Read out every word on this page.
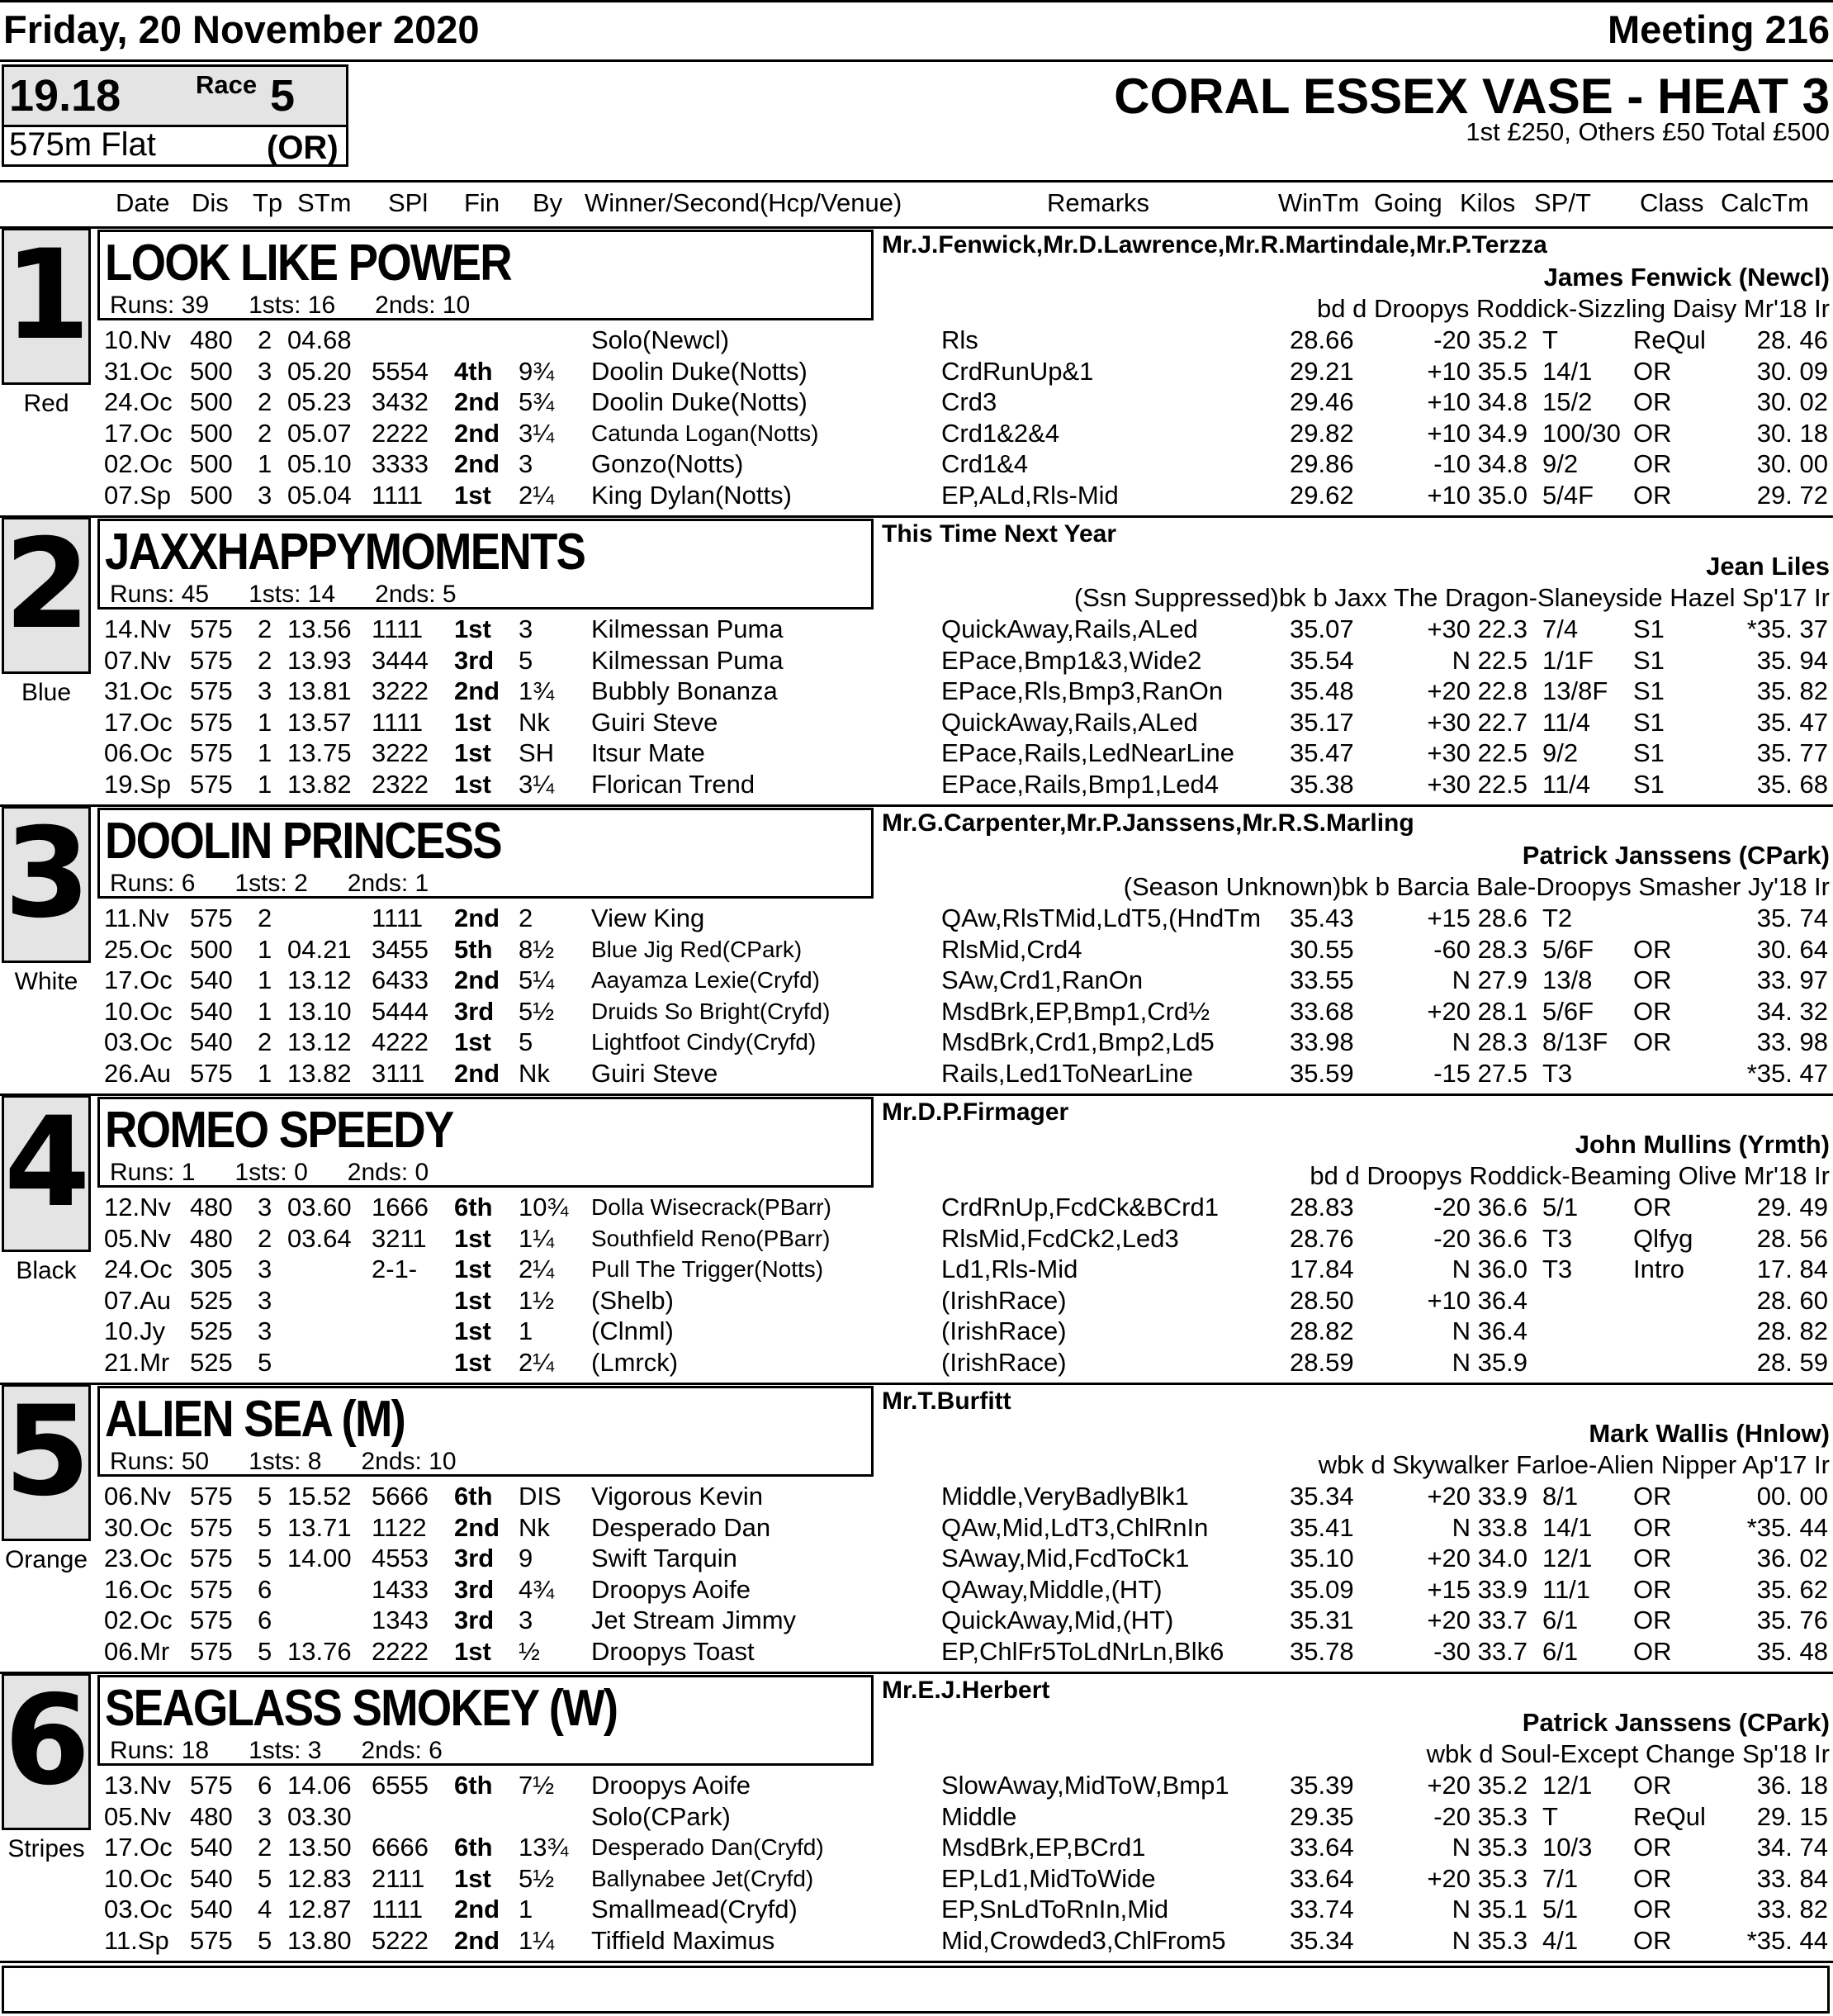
Friday, 20 November 2020	Meeting 216
19.18	Race 5
575m Flat	(OR)
CORAL ESSEX VASE - HEAT 3
1st £250, Others £50 Total £500
Date Dis Tp STm SPl Fin By Winner/Second(Hcp/Venue)	Remarks	WinTm Going Kilos SP/T Class CalcTm
1
Red
LOOK LIKE POWER
Runs: 39 1sts: 16 2nds: 10
Mr.J.Fenwick,Mr.D.Lawrence,Mr.R.Martindale,Mr.P.Terzza
James Fenwick (Newcl)
bd d Droopys Roddick-Sizzling Daisy Mr'18 Ir
10.Nv 480 2 04.68	Solo(Newcl)	Rls	28.66	-20 35.2 T	ReQul	28. 46
31.Oc 500 3 05.20 5554 4th 9¾ Doolin Duke(Notts)	CrdRunUp&1	29.21	+10 35.5 14/1 OR	30. 09
24.Oc 500 2 05.23 3432 2nd 5¾ Doolin Duke(Notts)	Crd3	29.46	+10 34.8 15/2 OR	30. 02
17.Oc 500 2 05.07 2222 2nd 3¼ Catunda Logan(Notts)	Crd1&2&4	29.82	+10 34.9 100/30 OR	30. 18
02.Oc 500 1 05.10 3333 2nd 3 Gonzo(Notts)	Crd1&4	29.86	-10 34.8 9/2 OR	30. 00
07.Sp 500 3 05.04 1111 1st 2¼ King Dylan(Notts)	EP,ALd,Rls-Mid	29.62	+10 35.0 5/4F OR	29. 72
2
Blue
JAXXHAPPYMOMENTS
Runs: 45 1sts: 14 2nds: 5
This Time Next Year
Jean Liles
(Ssn Suppressed)bk b Jaxx The Dragon-Slaneyside Hazel Sp'17 Ir
14.Nv 575 2 13.56 1111 1st 3 Kilmessan Puma	QuickAway,Rails,ALed	35.07	+30 22.3 7/4 S1	*35. 37
07.Nv 575 2 13.93 3444 3rd 5 Kilmessan Puma	EPace,Bmp1&3,Wide2	35.54	N 22.5 1/1F S1	35. 94
31.Oc 575 3 13.81 3222 2nd 1¾ Bubbly Bonanza	EPace,Rls,Bmp3,RanOn	35.48	+20 22.8 13/8F S1	35. 82
17.Oc 575 1 13.57 1111 1st Nk Guiri Steve	QuickAway,Rails,ALed	35.17	+30 22.7 11/4 S1	35. 47
06.Oc 575 1 13.75 3222 1st SH Itsur Mate	EPace,Rails,LedNearLine 35.47	+30 22.5 9/2 S1	35. 77
19.Sp 575 1 13.82 2322 1st 3¼ Florican Trend	EPace,Rails,Bmp1,Led4	35.38	+30 22.5 11/4 S1	35. 68
3
White
DOOLIN PRINCESS
Runs: 6 1sts: 2 2nds: 1
Mr.G.Carpenter,Mr.P.Janssens,Mr.R.S.Marling
Patrick Janssens (CPark)
(Season Unknown)bk b Barcia Bale-Droopys Smasher Jy'18 Ir
11.Nv 575 2	1111 2nd 2 View King	QAw,RlsTMid,LdT5,(HndTm 35.43	+15 28.6 T2	35. 74
25.Oc 500 1 04.21 3455 5th 8½ Blue Jig Red(CPark)	RlsMid,Crd4	30.55	-60 28.3 5/6F OR	30. 64
17.Oc 540 1 13.12 6433 2nd 5¼ Aayamza Lexie(Cryfd)	SAw,Crd1,RanOn	33.55	N 27.9 13/8 OR	33. 97
10.Oc 540 1 13.10 5444 3rd 5½ Druids So Bright(Cryfd)	MsdBrk,EP,Bmp1,Crd½	33.68	+20 28.1 5/6F OR	34. 32
03.Oc 540 2 13.12 4222 1st 5	Lightfoot Cindy(Cryfd)	MsdBrk,Crd1,Bmp2,Ld5	33.98	N 28.3 8/13F OR	33. 98
26.Au 575 1 13.82 3111 2nd Nk Guiri Steve	Rails,Led1ToNearLine	35.59	-15 27.5 T3	*35. 47
4
Black
ROMEO SPEEDY
Runs: 1 1sts: 0 2nds: 0
Mr.D.P.Firmager
John Mullins (Yrmth)
bd d Droopys Roddick-Beaming Olive Mr'18 Ir
12.Nv 480 3 03.60 1666 6th 10¾ Dolla Wisecrack(PBarr)	CrdRnUp,FcdCk&BCrd1	28.83	-20 36.6 5/1 OR	29. 49
05.Nv 480 2 03.64 3211 1st 1¼ Southfield Reno(PBarr)	RlsMid,FcdCk2,Led3	28.76	-20 36.6 T3 Qlfyg	28. 56
24.Oc 305 3	2-1- 1st 2¼ Pull The Trigger(Notts)	Ld1,Rls-Mid	17.84	N 36.0 T3 Intro	17. 84
07.Au 525 3	1st 1½ (Shelb)	(IrishRace)	28.50	+10 36.4	28. 60
10.Jy 525 3	1st 1 (Clnml)	(IrishRace)	28.82	N 36.4	28. 82
21.Mr 525 5	1st 2¼ (Lmrck)	(IrishRace)	28.59	N 35.9	28. 59
5
Orange
ALIEN SEA (M)
Runs: 50 1sts: 8 2nds: 10
Mr.T.Burfitt
Mark Wallis (Hnlow)
wbk d Skywalker Farloe-Alien Nipper Ap'17 Ir
06.Nv 575 5 15.52 5666 6th DIS Vigorous Kevin	Middle,VeryBadlyBlk1	35.34	+20 33.9 8/1 OR	00. 00
30.Oc 575 5 13.71 1122 2nd Nk Desperado Dan	QAw,Mid,LdT3,ChlRnIn	35.41	N 33.8 14/1 OR	*35. 44
23.Oc 575 5 14.00 4553 3rd 9 Swift Tarquin	SAway,Mid,FcdToCk1	35.10	+20 34.0 12/1 OR	36. 02
16.Oc 575 6	1433 3rd 4¾ Droopys Aoife	QAway,Middle,(HT)	35.09	+15 33.9 11/1 OR	35. 62
02.Oc 575 6	1343 3rd 3 Jet Stream Jimmy	QuickAway,Mid,(HT)	35.31	+20 33.7 6/1 OR	35. 76
06.Mr 575 5 13.76 2222 1st ½ Droopys Toast	EP,ChlFr5ToLdNrLn,Blk6	35.78	-30 33.7 6/1 OR	35. 48
6
Stripes
SEAGLASS SMOKEY (W)
Runs: 18 1sts: 3 2nds: 6
Mr.E.J.Herbert
Patrick Janssens (CPark)
wbk d Soul-Except Change Sp'18 Ir
13.Nv 575 6 14.06 6555 6th 7½ Droopys Aoife	SlowAway,MidToW,Bmp1 35.39	+20 35.2 12/1 OR	36. 18
05.Nv 480 3 03.30	Solo(CPark)	Middle	29.35	-20 35.3 T	ReQul	29. 15
17.Oc 540 2 13.50 6666 6th 13¾ Desperado Dan(Cryfd)	MsdBrk,EP,BCrd1	33.64	N 35.3 10/3 OR	34. 74
10.Oc 540 5 12.83 2111 1st 5½ Ballynabee Jet(Cryfd)	EP,Ld1,MidToWide	33.64	+20 35.3 7/1 OR	33. 84
03.Oc 540 4 12.87 1111 2nd 1 Smallmead(Cryfd)	EP,SnLdToRnIn,Mid	33.74	N 35.1 5/1 OR	33. 82
11.Sp 575 5 13.80 5222 2nd 1¼ Tiffield Maximus	Mid,Crowded3,ChlFrom5 35.34	N 35.3 4/1 OR	*35. 44
